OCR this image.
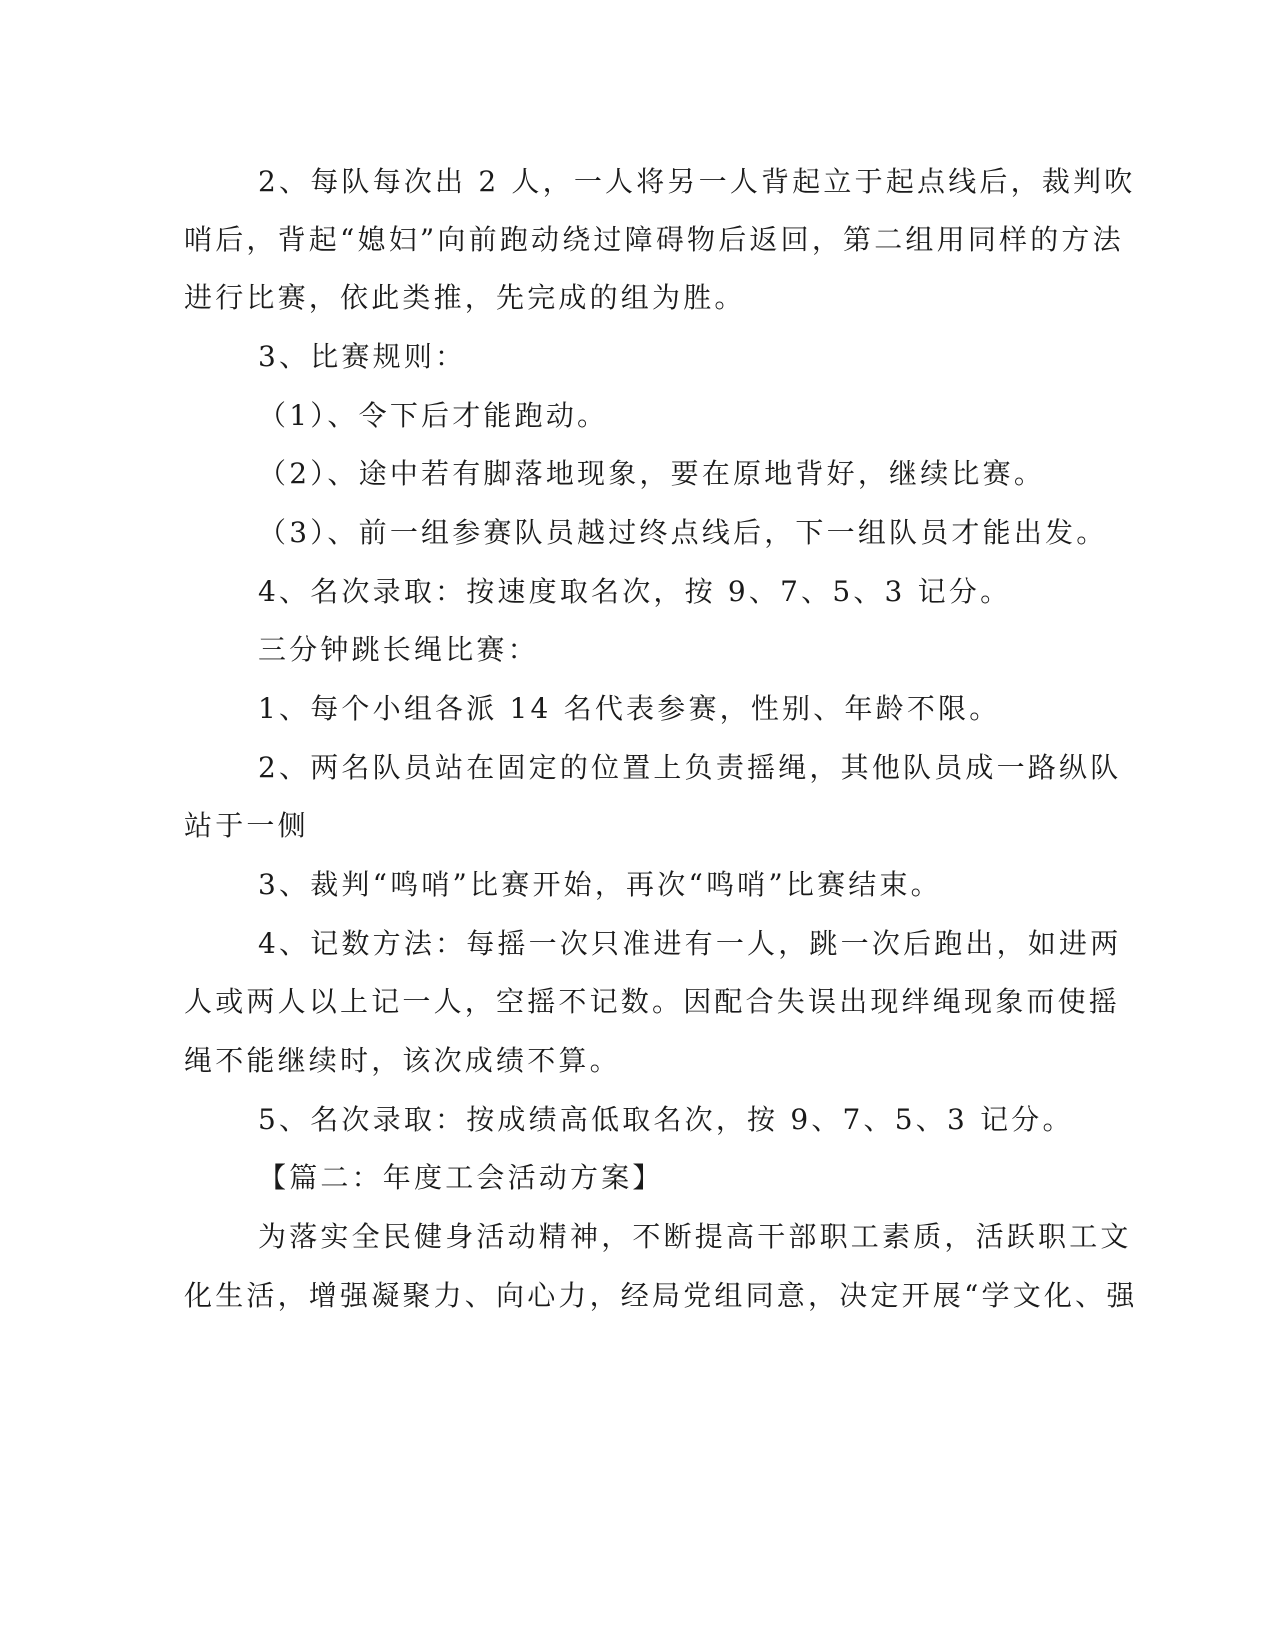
2、每队每次出 2 人，一人将另一人背起立于起点线后，裁判吹
哨后，背起“媳妇”向前跑动绕过障碍物后返回，第二组用同样的方法
进行比赛，依此类推，先完成的组为胜。
3、比赛规则：
（1）、令下后才能跑动。
（2）、途中若有脚落地现象，要在原地背好，继续比赛。
（3）、前一组参赛队员越过终点线后，下一组队员才能出发。
4、名次录取：按速度取名次，按 9、7、5、3 记分。
三分钟跳长绳比赛：
1、每个小组各派 14 名代表参赛，性别、年龄不限。
2、两名队员站在固定的位置上负责摇绳，其他队员成一路纵队
站于一侧
3、裁判“鸣哨”比赛开始，再次“鸣哨”比赛结束。
4、记数方法：每摇一次只准进有一人，跳一次后跑出，如进两
人或两人以上记一人，空摇不记数。因配合失误出现绊绳现象而使摇
绳不能继续时，该次成绩不算。
5、名次录取：按成绩高低取名次，按 9、7、5、3 记分。
【篇二：年度工会活动方案】
为落实全民健身活动精神，不断提高干部职工素质，活跃职工文
化生活，增强凝聚力、向心力，经局党组同意，决定开展“学文化、强
